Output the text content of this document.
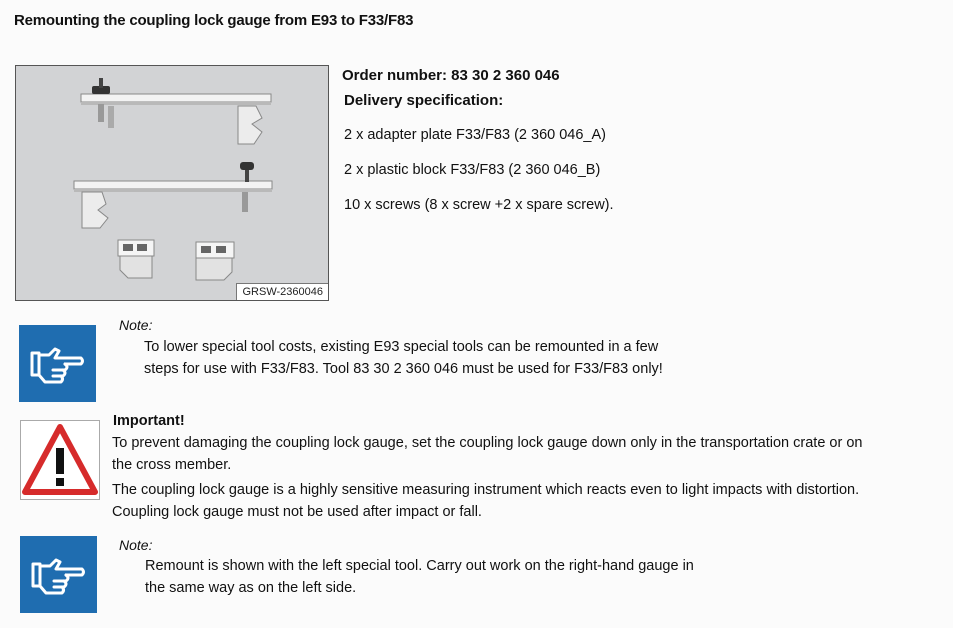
Remounting the coupling lock gauge from E93 to F33/F83
GRSW-2360046
Order number: 83 30 2 360 046
Delivery specification:
2 x adapter plate F33/F83 (2 360 046_A)
2 x plastic block F33/F83 (2 360 046_B)
10 x screws (8 x screw +2 x spare screw).
Note:
To lower special tool costs, existing E93 special tools can be remounted in a few
steps for use with F33/F83. Tool 83 30 2 360 046 must be used for F33/F83 only!
Important!
To prevent damaging the coupling lock gauge, set the coupling lock gauge down only in the transportation crate or on
the cross member.
The coupling lock gauge is a highly sensitive measuring instrument which reacts even to light impacts with distortion.
Coupling lock gauge must not be used after impact or fall.
Note:
Remount is shown with the left special tool. Carry out work on the right-hand gauge in
the same way as on the left side.
